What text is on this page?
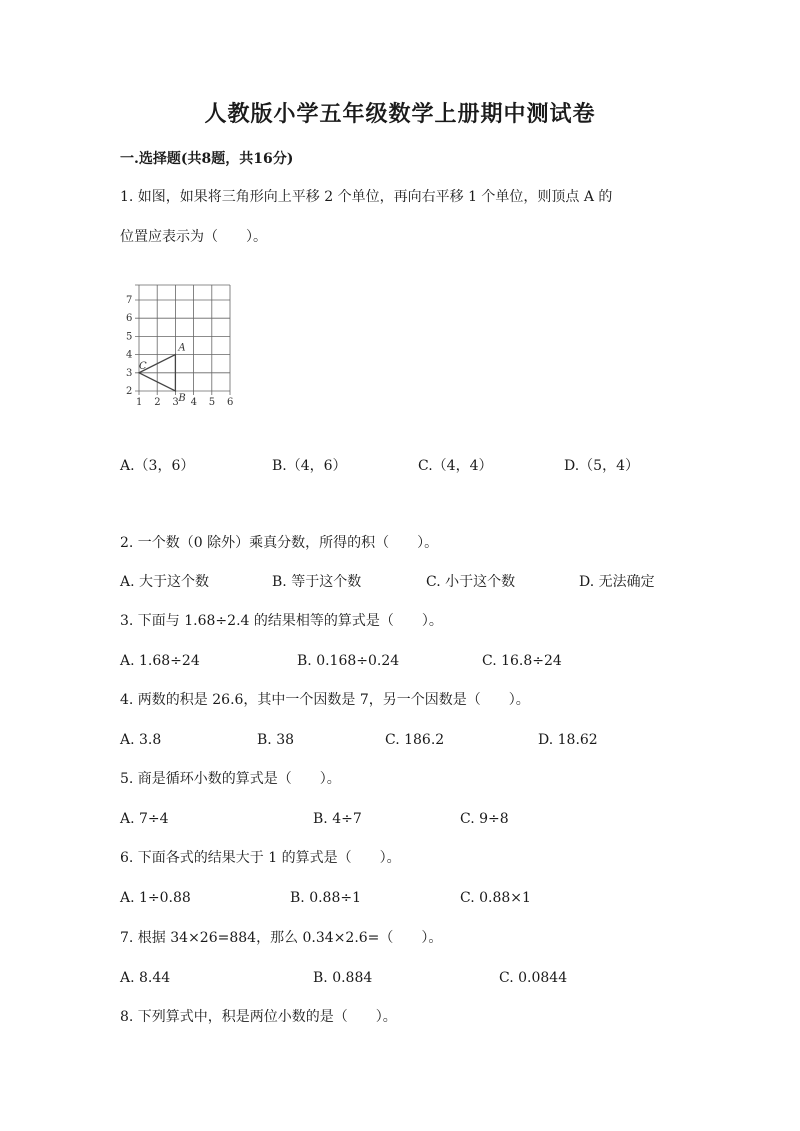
人教版小学五年级数学上册期中测试卷
一.选择题(共8题，共16分)
1. 如图，如果将三角形向上平移 2 个单位，再向右平移 1 个单位，则顶点 A 的
位置应表示为（　　）。
1 2 3 4 5 6
2
3
4
5
6
7
A
B
C
A.（3，6）	B.（4，6）	C.（4，4）	D.（5，4）
2. 一个数（0 除外）乘真分数，所得的积（　　）。
A. 大于这个数	B. 等于这个数	C. 小于这个数	D. 无法确定
3. 下面与 1.68÷2.4 的结果相等的算式是（　　）。
A. 1.68÷24	B. 0.168÷0.24	C. 16.8÷24
4. 两数的积是 26.6，其中一个因数是 7，另一个因数是（　　）。
A. 3.8	B. 38	C. 186.2	D. 18.62
5. 商是循环小数的算式是（　　）。
A. 7÷4	B. 4÷7	C. 9÷8
6. 下面各式的结果大于 1 的算式是（　　）。
A. 1÷0.88	B. 0.88÷1	C. 0.88×1
7. 根据 34×26=884，那么 0.34×2.6=（　　）。
A. 8.44	B. 0.884	C. 0.0844
8. 下列算式中，积是两位小数的是（　　）。
